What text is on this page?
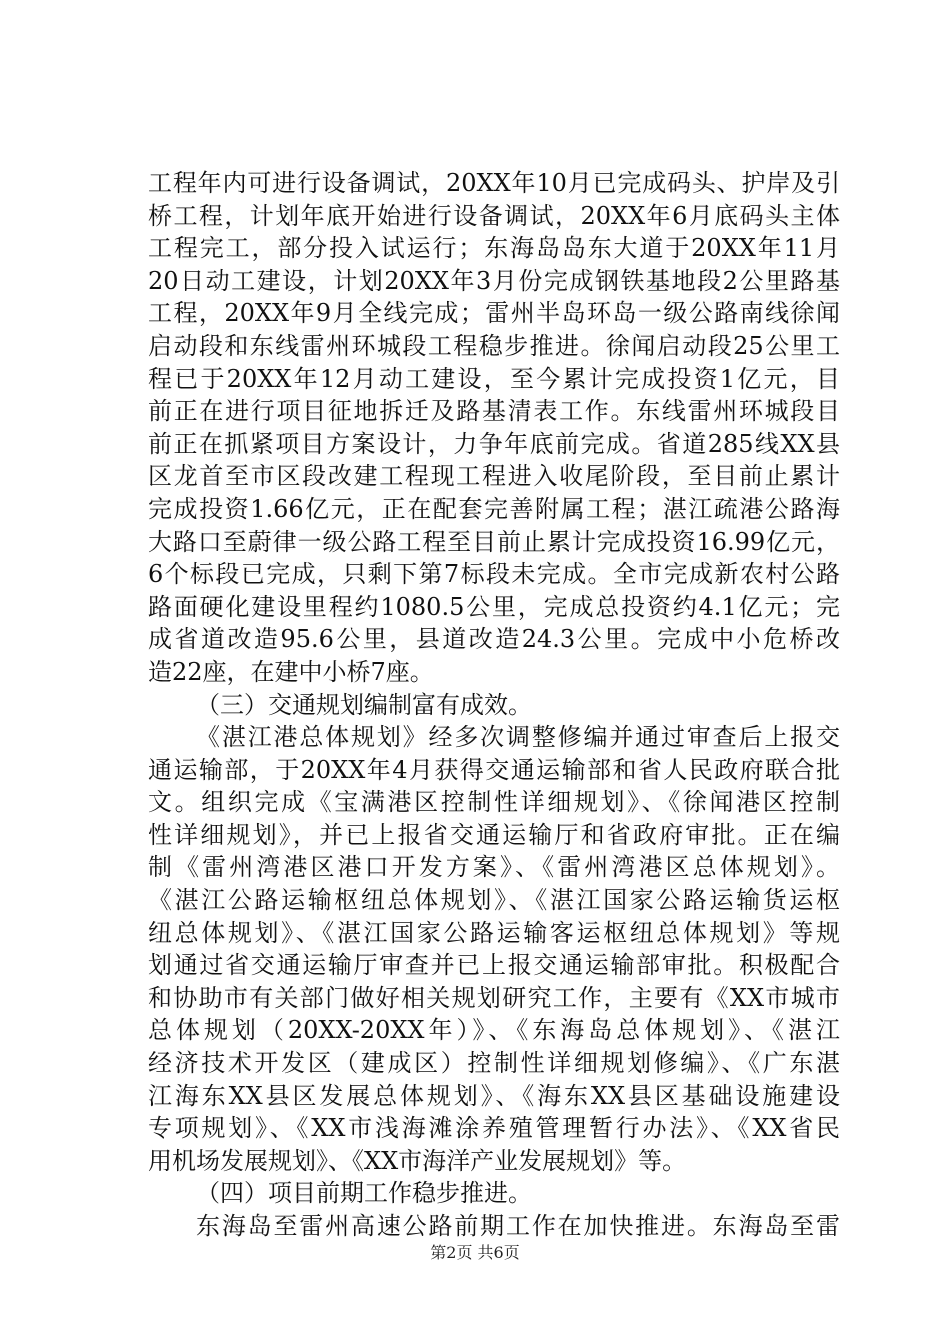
工程年内可进行设备调试，20XX年10月已完成码头、护岸及引
桥工程，计划年底开始进行设备调试，20XX年6月底码头主体
工程完工，部分投入试运行；东海岛岛东大道于20XX年11月
20日动工建设，计划20XX年3月份完成钢铁基地段2公里路基
工程，20XX年9月全线完成；雷州半岛环岛一级公路南线徐闻
启动段和东线雷州环城段工程稳步推进。徐闻启动段25公里工
程已于20XX年12月动工建设，至今累计完成投资1亿元，目
前正在进行项目征地拆迁及路基清表工作。东线雷州环城段目
前正在抓紧项目方案设计，力争年底前完成。省道285线XX县
区龙首至市区段改建工程现工程进入收尾阶段，至目前止累计
完成投资1.66亿元，正在配套完善附属工程；湛江疏港公路海
大路口至蔚律一级公路工程至目前止累计完成投资16.99亿元，
6个标段已完成，只剩下第7标段未完成。全市完成新农村公路
路面硬化建设里程约1080.5公里，完成总投资约4.1亿元；完
成省道改造95.6公里，县道改造24.3公里。完成中小危桥改
造22座，在建中小桥7座。
（三）交通规划编制富有成效。
《湛江港总体规划》经多次调整修编并通过审查后上报交
通运输部，于20XX年4月获得交通运输部和省人民政府联合批
文。组织完成《宝满港区控制性详细规划》、《徐闻港区控制
性详细规划》，并已上报省交通运输厅和省政府审批。正在编
制《雷州湾港区港口开发方案》、《雷州湾港区总体规划》。
《湛江公路运输枢纽总体规划》、《湛江国家公路运输货运枢
纽总体规划》、《湛江国家公路运输客运枢纽总体规划》等规
划通过省交通运输厅审查并已上报交通运输部审批。积极配合
和协助市有关部门做好相关规划研究工作，主要有《XX市城市
总体规划（20XX-20XX年）》、《东海岛总体规划》、《湛江
经济技术开发区（建成区）控制性详细规划修编》、《广东湛
江海东XX县区发展总体规划》、《海东XX县区基础设施建设
专项规划》、《XX市浅海滩涂养殖管理暂行办法》、《XX省民
用机场发展规划》、《XX市海洋产业发展规划》等。
（四）项目前期工作稳步推进。
东海岛至雷州高速公路前期工作在加快推进。东海岛至雷
第2页 共6页
